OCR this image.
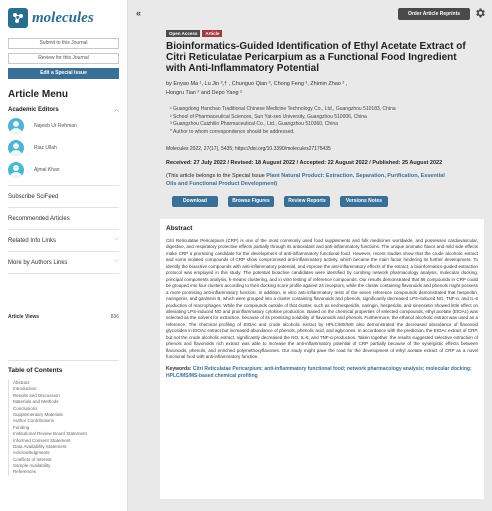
molecules
Submit to this Journal
Review for this Journal
Edit a Special Issue
Article Menu
Academic Editors	︿
Najeeb Ur Rehman
Riaz Ullah
Ajmal Khan
Subscribe SciFeed
Recommended Articles
Related Info Links	﹀
More by Authors Links	﹀
Article Views	836
Table of Contents
Abstract
Introduction
Results and Discussion
Materials and Methods
Conclusions
Supplementary Materials
Author Contributions
Funding
Institutional Review Board Statement
Informed Consent Statement
Data Availability Statement
Acknowledgments
Conflicts of Interest
Sample Availability
References
«	Order Article Reprints
Open Access	Article
Bioinformatics-Guided Identification of Ethyl Acetate Extract of Citri Reticulatae Pericarpium as a Functional Food Ingredient with Anti-Inflammatory Potential
by Enyao Ma ¹, Lu Jin ²,† , Chunguo Qian ², Chong Feng ³, Zhimin Zhao ² ,
Hongru Tian ² and Depo Yang ²
¹ Guangdong Hanchao Traditional Chinese Medicine Technology Co., Ltd., Guangzhou 510183, China
² School of Pharmaceutical Sciences, Sun Yat-sen University, Guangzhou 510006, China
³ Guangzhou Caizhilin Pharmaceutical Co., Ltd., Guangzhou 510360, China
* Author to whom correspondence should be addressed.
Molecules 2022, 27(17), 5435; https://doi.org/10.3390/molecules27175435
Received: 27 July 2022 / Revised: 18 August 2022 / Accepted: 22 August 2022 / Published: 25 August 2022
(This article belongs to the Special Issue Plant Natural Product: Extraction, Separation, Purification, Essential Oils and Functional Product Development)
Download	Browse Figures	Review Reports	Versions Notes
Abstract
Citri Reticulatae Pericarpium (CRP) is one of the most commonly used food supplements and folk medicines worldwide, and possesses cardiovascular, digestive, and respiratory protective effects partially through its antioxidant and anti-inflammatory functions. The unique aromatic flavor and mild side effects make CRP a promising candidate for the development of anti-inflammatory functional food. However, recent studies show that the crude alcoholic extract and some isolated compounds of CRP show compromised anti-inflammatory activity, which became the main factor hindering its further development. To identify the bioactive compounds with anti-inflammatory potential, and improve the anti-inflammatory effects of the extract, a bioinformatics-guided extraction protocol was employed in this study. The potential bioactive candidates were identified by combing network pharmacology analysis, molecular docking, principal components analysis, k-means clustering, and in vitro testing of reference compounds. Our results demonstrated that 86 compounds in CRP could be grouped into four clusters according to their docking score profile against 24 receptors, while the cluster containing flavonoids and phenols might possess a more promising anti-inflammatory function. In addition, in vitro anti-inflammatory tests of the seven reference compounds demonstrated that hesperitin, naringenin, and gardenin B, which were grouped into a cluster containing flavonoids and phenols, significantly decreased LPS-induced NO, TNF-α, and IL-6 production of macrophages. While the compounds outside of that cluster, such as neohesperidin, naringin, hesperidin, and sinensetin showed little effect on alleviating LPS-induced NO and proinflammatory cytokine production. Based on the chemical properties of selected compounds, ethyl acetate (EtOAc) was selected as the solvent for extraction, because of its promising solubility of flavonoids and phenols. Furthermore, the ethanol alcoholic extract was used as a reference. The chemical profiling of EtOAc and crude alcoholic extract by HPLC/MS/MS also demonstrated the decreased abundance of flavonoid glycosides in EtOAc extract but increased abundance of phenols, phenolic acid, and aglycones. In accordance with the prediction, the EtOAc extract of CRP, but not the crude alcoholic extract, significantly decreased the NO, IL-6, and TNF-α production. Taken together, the results suggested selective extraction of phenols and flavonoids rich extract was able to increase the anti-inflammatory potential of CRP partially because of the synergistic effects between flavonoids, phenols, and enriched polymethoxyflavones. Our study might pave the road for the development of ethyl acetate extract of CRP as a novel functional food with anti-inflammatory function.
Keywords: Citri Reticulatae Pericarpium; anti-inflammatory functional food; network pharmacology analysis; molecular docking; HPLC/MS/MS-based chemical profiling
